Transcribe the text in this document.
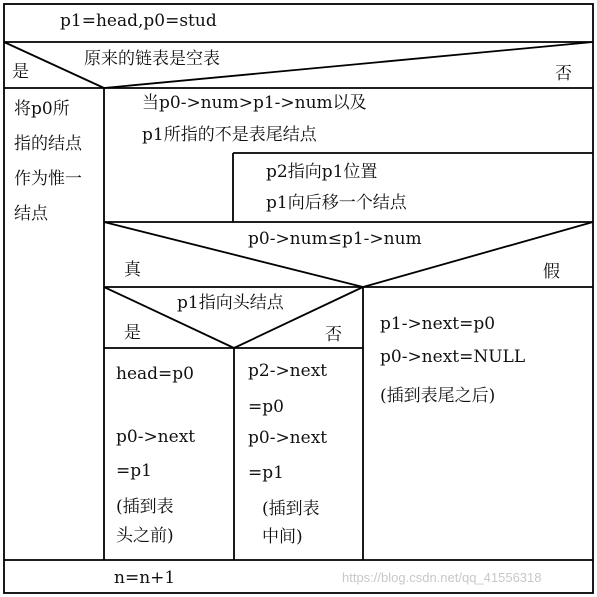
p1=head,p0=stud
原来的链表是空表
是	否
将p0所
指的结点
作为惟一
结点
当p0->num>p1->num以及
p1所指的不是表尾结点
p2指向p1位置
p1向后移一个结点
p0->num≤p1->num
真	假
p1指向头结点
是	否
head=p0
p0->next
=p1
(插到表
头之前)
p2->next
=p0
p0->next
=p1
(插到表
中间)
p1->next=p0
p0->next=NULL
(插到表尾之后)
n=n+1	https://blog.csdn.net/qq_41556318
